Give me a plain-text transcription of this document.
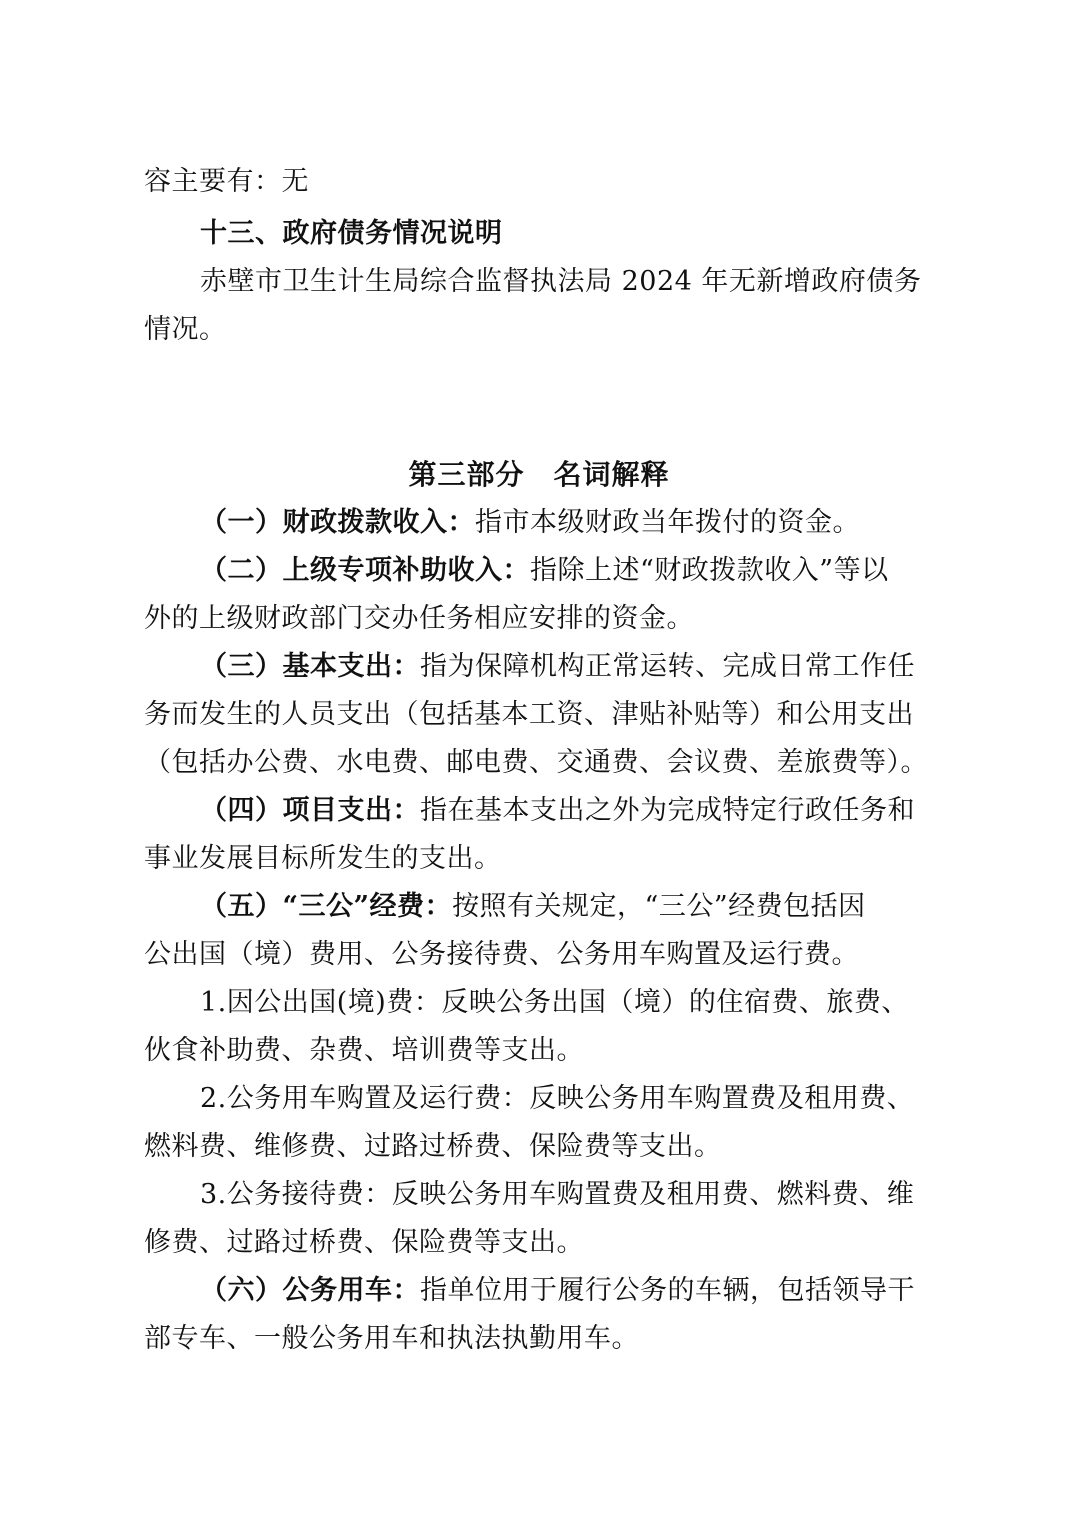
容主要有：无
十三、政府债务情况说明
赤壁市卫生计生局综合监督执法局 2024 年无新增政府债务
情况。
第三部分　名词解释
（一）财政拨款收入：指市本级财政当年拨付的资金。
（二）上级专项补助收入：指除上述“财政拨款收入”等以
外的上级财政部门交办任务相应安排的资金。
（三）基本支出：指为保障机构正常运转、完成日常工作任
务而发生的人员支出（包括基本工资、津贴补贴等）和公用支出
（包括办公费、水电费、邮电费、交通费、会议费、差旅费等）。
（四）项目支出：指在基本支出之外为完成特定行政任务和
事业发展目标所发生的支出。
（五）“三公”经费：按照有关规定，“三公”经费包括因
公出国（境）费用、公务接待费、公务用车购置及运行费。
1.因公出国(境)费：反映公务出国（境）的住宿费、旅费、
伙食补助费、杂费、培训费等支出。
2.公务用车购置及运行费：反映公务用车购置费及租用费、
燃料费、维修费、过路过桥费、保险费等支出。
3.公务接待费：反映公务用车购置费及租用费、燃料费、维
修费、过路过桥费、保险费等支出。
（六）公务用车：指单位用于履行公务的车辆，包括领导干
部专车、一般公务用车和执法执勤用车。
